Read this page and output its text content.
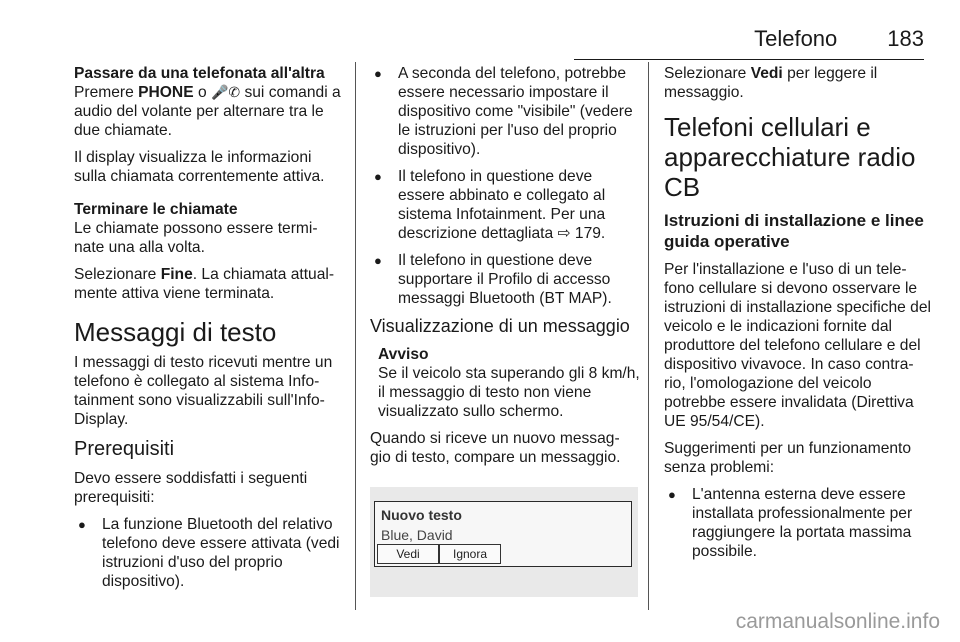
Telefono 183

Passare da una telefonata all'altra

Premere PHONE o 🎤✆ sui comandi a audio del volante per alternare tra le due chiamate.

Il display visualizza le informazioni sulla chiamata correntemente attiva.

Terminare le chiamate

Le chiamate possono essere termi-nate una alla volta.

Selezionare Fine. La chiamata attual-mente attiva viene terminata.

Messaggi di testo

I messaggi di testo ricevuti mentre un telefono è collegato al sistema Info-tainment sono visualizzabili sull'Info-Display.

Prerequisiti

Devo essere soddisfatti i seguenti prerequisiti:

● La funzione Bluetooth del relativo telefono deve essere attivata (vedi istruzioni d'uso del proprio dispositivo).
● A seconda del telefono, potrebbe essere necessario impostare il dispositivo come "visibile" (vedere le istruzioni per l'uso del proprio dispositivo).
● Il telefono in questione deve essere abbinato e collegato al sistema Infotainment. Per una descrizione dettagliata ⇨ 179.
● Il telefono in questione deve supportare il Profilo di accesso messaggi Bluetooth (BT MAP).
Visualizzazione di un messaggio
Avviso
Se il veicolo sta superando gli 8 km/h, il messaggio di testo non viene visualizzato sullo schermo.

Quando si riceve un nuovo messag-gio di testo, compare un messaggio.

Nuovo testo
Blue, David
Vedi	Ignora

Selezionare Vedi per leggere il messaggio.

Telefoni cellulari e apparecchiature radio CB
Istruzioni di installazione e linee guida operative

Per l'installazione e l'uso di un tele-fono cellulare si devono osservare le istruzioni di installazione specifiche del veicolo e le indicazioni fornite dal produttore del telefono cellulare e del dispositivo vivavoce. In caso contra-rio, l'omologazione del veicolo potrebbe essere invalidata (Direttiva UE 95/54/CE).

Suggerimenti per un funzionamento senza problemi:

● L'antenna esterna deve essere installata professionalmente per raggiungere la portata massima possibile.
carmanualsonline.info
